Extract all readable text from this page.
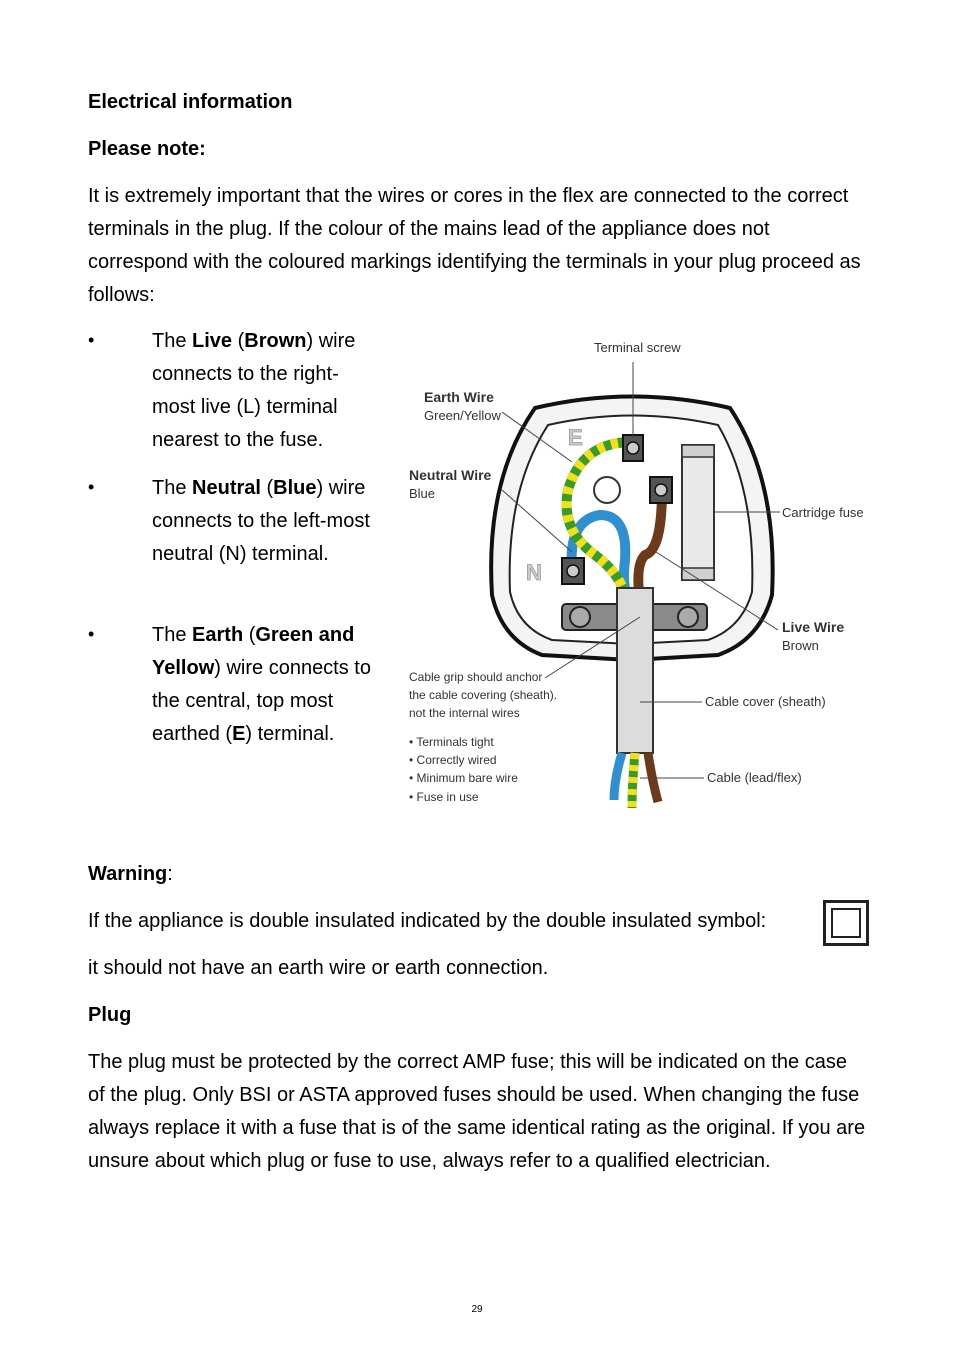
Electrical information

Please note:

It is extremely important that the wires or cores in the flex are connected to the correct terminals in the plug. If the colour of the mains lead of the appliance does not correspond with the coloured markings identifying the terminals in your plug proceed as follows:

•	The Live (Brown) wire connects to the right-most live (L) terminal nearest to the fuse.

•	The Neutral (Blue) wire connects to the left-most neutral (N) terminal.

•	The Earth (Green and Yellow) wire connects to the central, top most earthed (E) terminal.

E
N
Terminal screw
Earth Wire
Green/Yellow
Neutral Wire
Blue
Cartridge fuse
Live Wire
Brown
Cable grip should anchor
the cable covering (sheath).
not the internal wires
Cable cover (sheath)
Cable (lead/flex)
• Terminals tight
• Correctly wired
• Minimum bare wire
• Fuse in use

Warning:

If the appliance is double insulated indicated by the double insulated symbol:

it should not have an earth wire or earth connection.

Plug

The plug must be protected by the correct AMP fuse; this will be indicated on the case of the plug. Only BSI or ASTA approved fuses should be used. When changing the fuse always replace it with a fuse that is of the same identical rating as the original. If you are unsure about which plug or fuse to use, always refer to a qualified electrician.

29
